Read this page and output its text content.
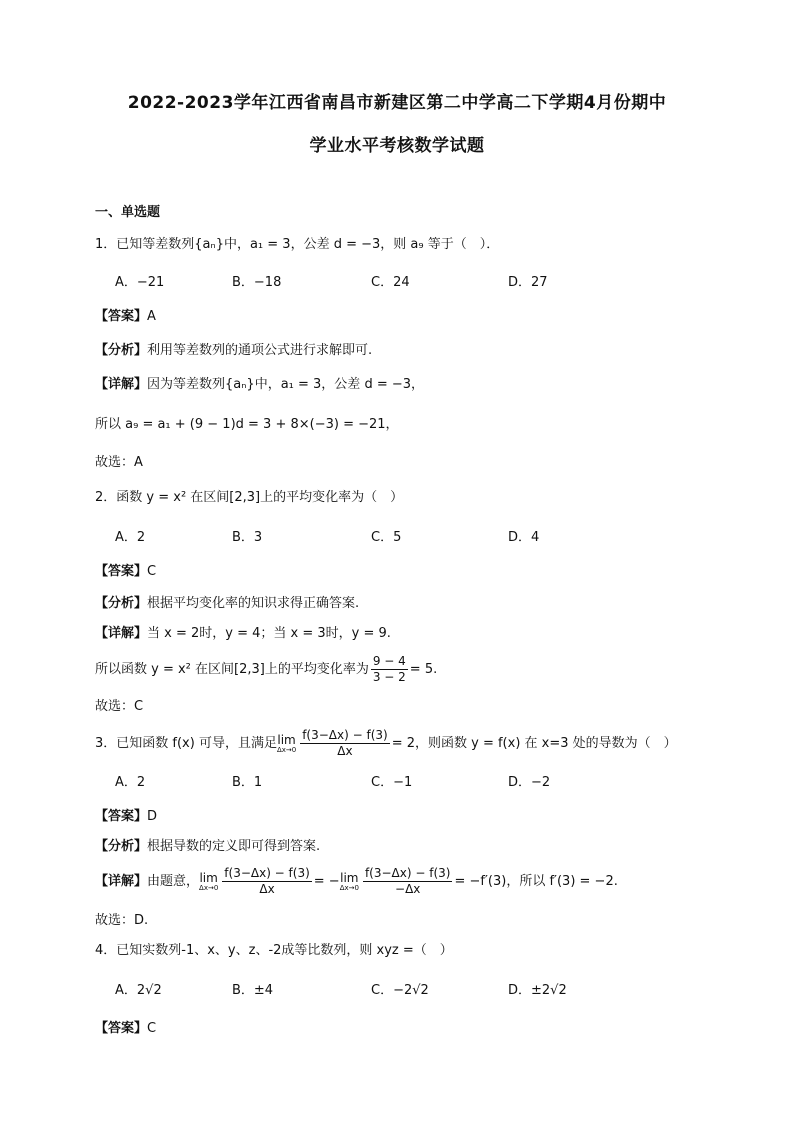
2022-2023学年江西省南昌市新建区第二中学高二下学期4月份期中
学业水平考核数学试题
一、单选题
1．已知等差数列{aₙ}中，a₁ = 3，公差 d = −3，则 a₉ 等于（　）．
A．−21	B．−18	C．24	D．27
【答案】A
【分析】利用等差数列的通项公式进行求解即可.
【详解】因为等差数列{aₙ}中，a₁ = 3，公差 d = −3，
所以 a₉ = a₁ + (9 − 1)d = 3 + 8×(−3) = −21，
故选：A
2．函数 y = x² 在区间[2,3]上的平均变化率为（　）
A．2	B．3	C．5	D．4
【答案】C
【分析】根据平均变化率的知识求得正确答案.
【详解】当 x = 2时，y = 4；当 x = 3时，y = 9.
所以函数 y = x² 在区间[2,3]上的平均变化率为 $\frac{9 - 4}{3 - 2} = 5$.
故选：C
3．已知函数 f(x) 可导，且满足lim
$\Delta x\to 0 \frac{f(3-\Delta x) - f(3)}{\Delta x} = 2$，则函数 y = f(x) 在 x=3 处的导数为（　）
A．2	B．1	C．−1	D．−2
【答案】D
【分析】根据导数的定义即可得到答案.
【详解】由题意，lim
$\Delta x\to 0 \frac{f(3-\Delta x) - f(3)}{\Delta x} = -\lim$
$\Delta x\to 0 \frac{f(3-\Delta x) - f(3)}{-\Delta x} = -f'(3)$，所以 f′(3) = −2.
故选：D.
4．已知实数列-1、x、y、z、-2成等比数列，则 xyz =（　）
A．2√2	B．±4	C．−2√2	D．±2√2
【答案】C
